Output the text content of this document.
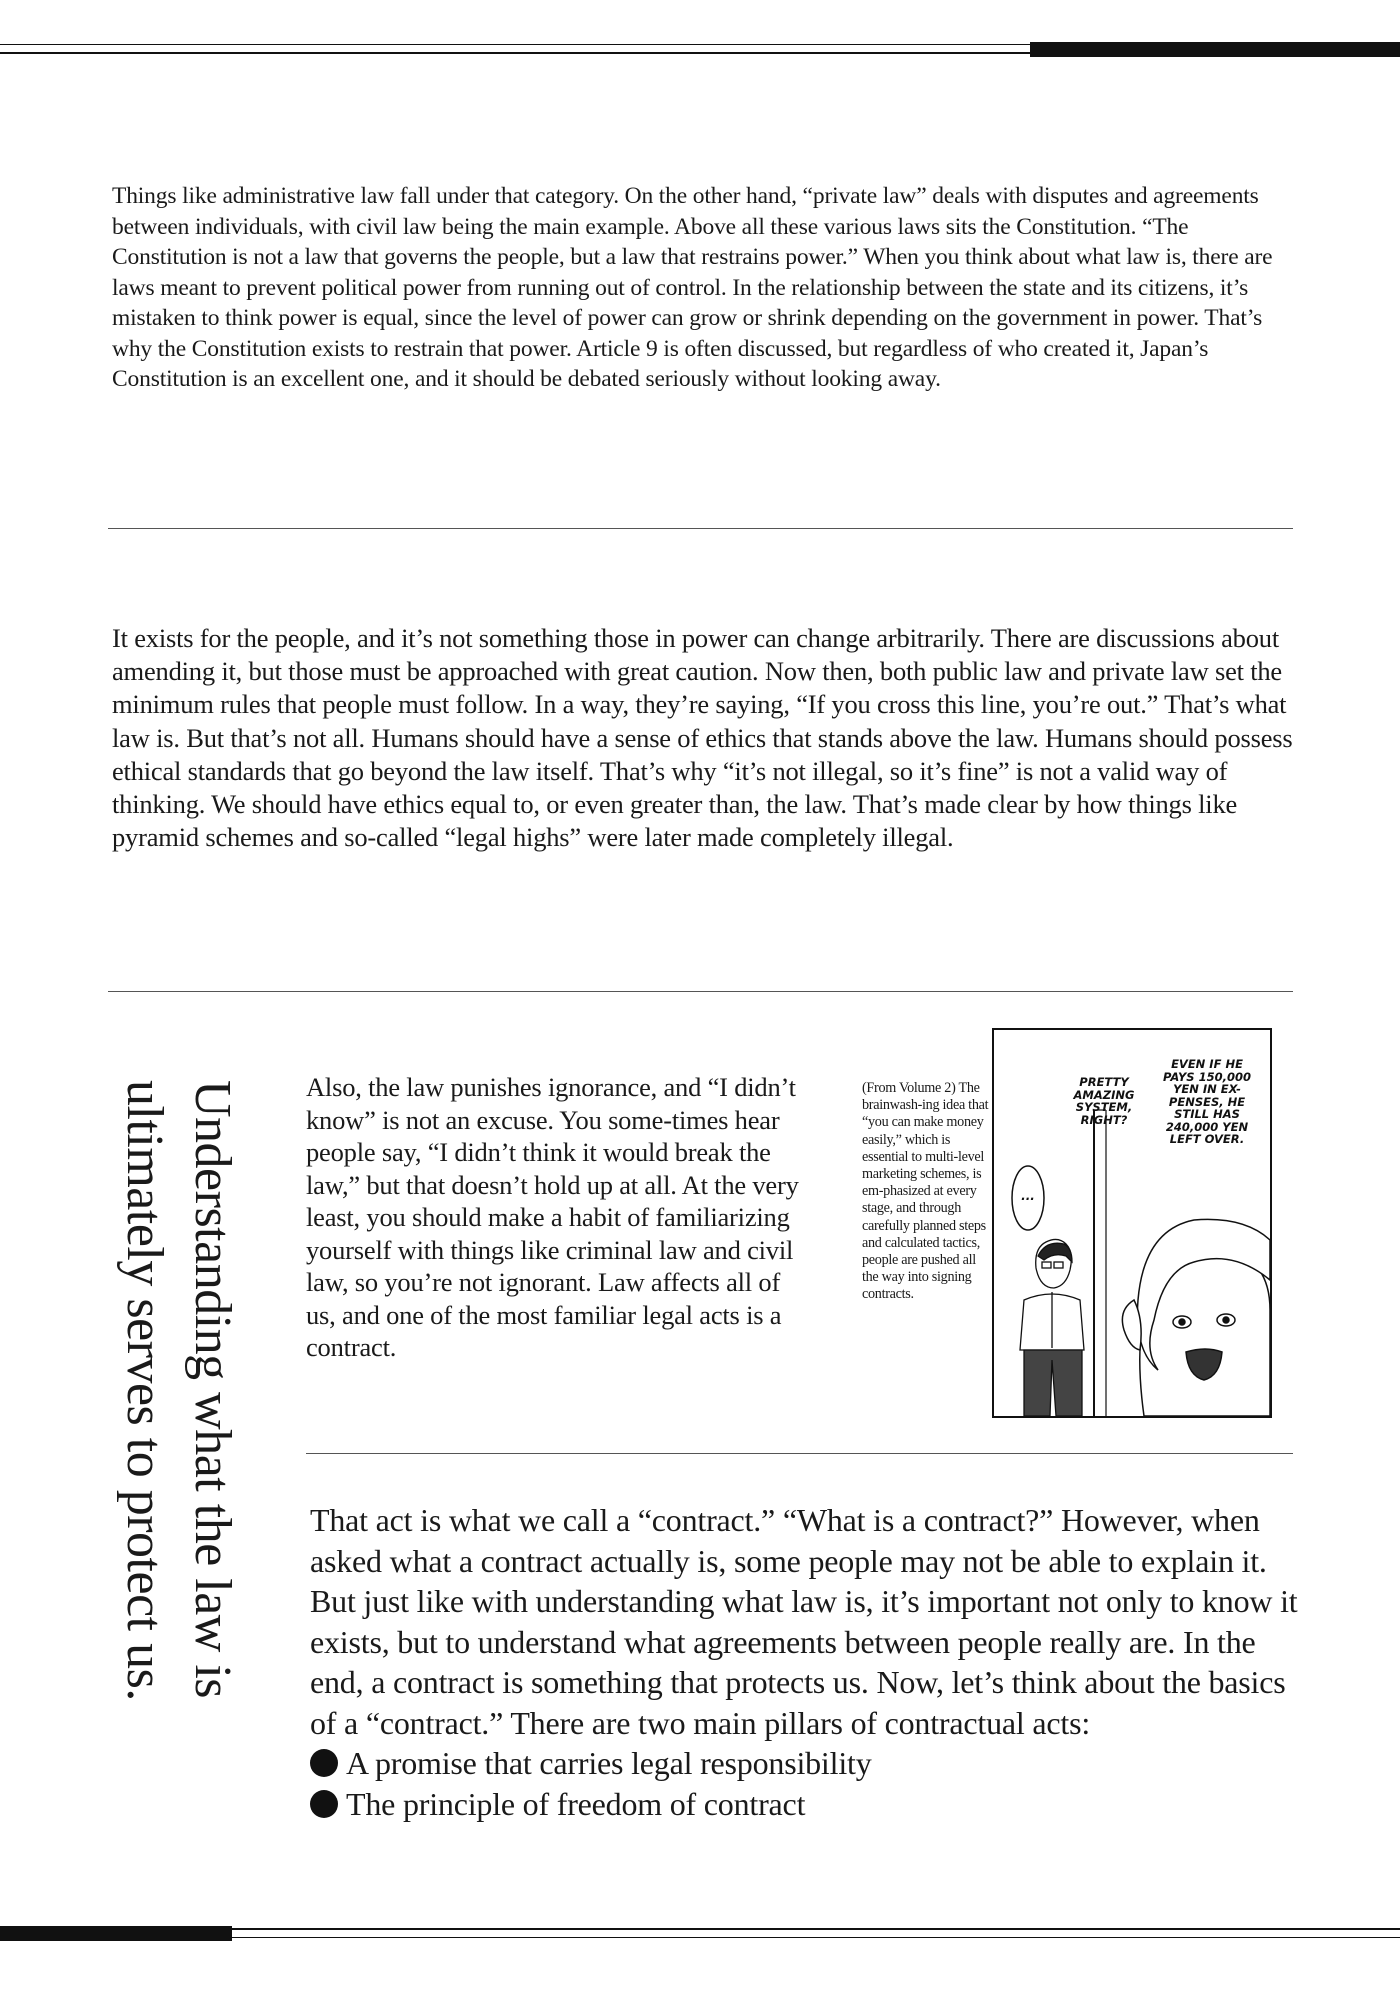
Things like administrative law fall under that category. On the other hand, “private law” deals with disputes and agreements between individuals, with civil law being the main example. Above all these various laws sits the Constitution. “The Constitution is not a law that governs the people, but a law that restrains power.” When you think about what law is, there are laws meant to prevent political power from running out of control. In the relationship between the state and its citizens, it’s mistaken to think power is equal, since the level of power can grow or shrink depending on the government in power. That’s why the Constitution exists to restrain that power. Article 9 is often discussed, but regardless of who created it, Japan’s Constitution is an excellent one, and it should be debated seriously without looking away.

It exists for the people, and it’s not something those in power can change arbitrarily. There are discussions about amending it, but those must be approached with great caution. Now then, both public law and private law set the minimum rules that people must follow. In a way, they’re saying, “If you cross this line, you’re out.” That’s what law is. But that’s not all. Humans should have a sense of ethics that stands above the law. Humans should possess ethical standards that go beyond the law itself. That’s why “it’s not illegal, so it’s fine” is not a valid way of thinking. We should have ethics equal to, or even greater than, the law. That’s made clear by how things like pyramid schemes and so-called “legal highs” were later made completely illegal.

Understanding what the law is
ultimately serves to protect us.	Also, the law punishes ignorance, and “I didn’t know” is not an excuse. You some-times hear people say, “I didn’t think it would break the law,” but that doesn’t hold up at all. At the very least, you should make a habit of familiarizing yourself with things like criminal law and civil law, so you’re not ignorant. Law affects all of us, and one of the most familiar legal acts is a contract.

(From Volume 2) The brainwash-ing idea that “you can make money easily,” which is essential to multi-level marketing schemes, is em-phasized at every stage, and through carefully planned steps and calculated tactics, people are pushed all the way into signing contracts.

PRETTY AMAZING SYSTEM, RIGHT?

EVEN IF HE PAYS 150,000 YEN IN EX-PENSES, HE STILL HAS 240,000 YEN LEFT OVER.

...

That act is what we call a “contract.” “What is a contract?” However, when asked what a contract actually is, some people may not be able to explain it. But just like with understanding what law is, it’s important not only to know it exists, but to understand what agreements between people really are. In the end, a contract is something that protects us. Now, let’s think about the basics of a “contract.” There are two main pillars of contractual acts:
A promise that carries legal responsibility
The principle of freedom of contract
